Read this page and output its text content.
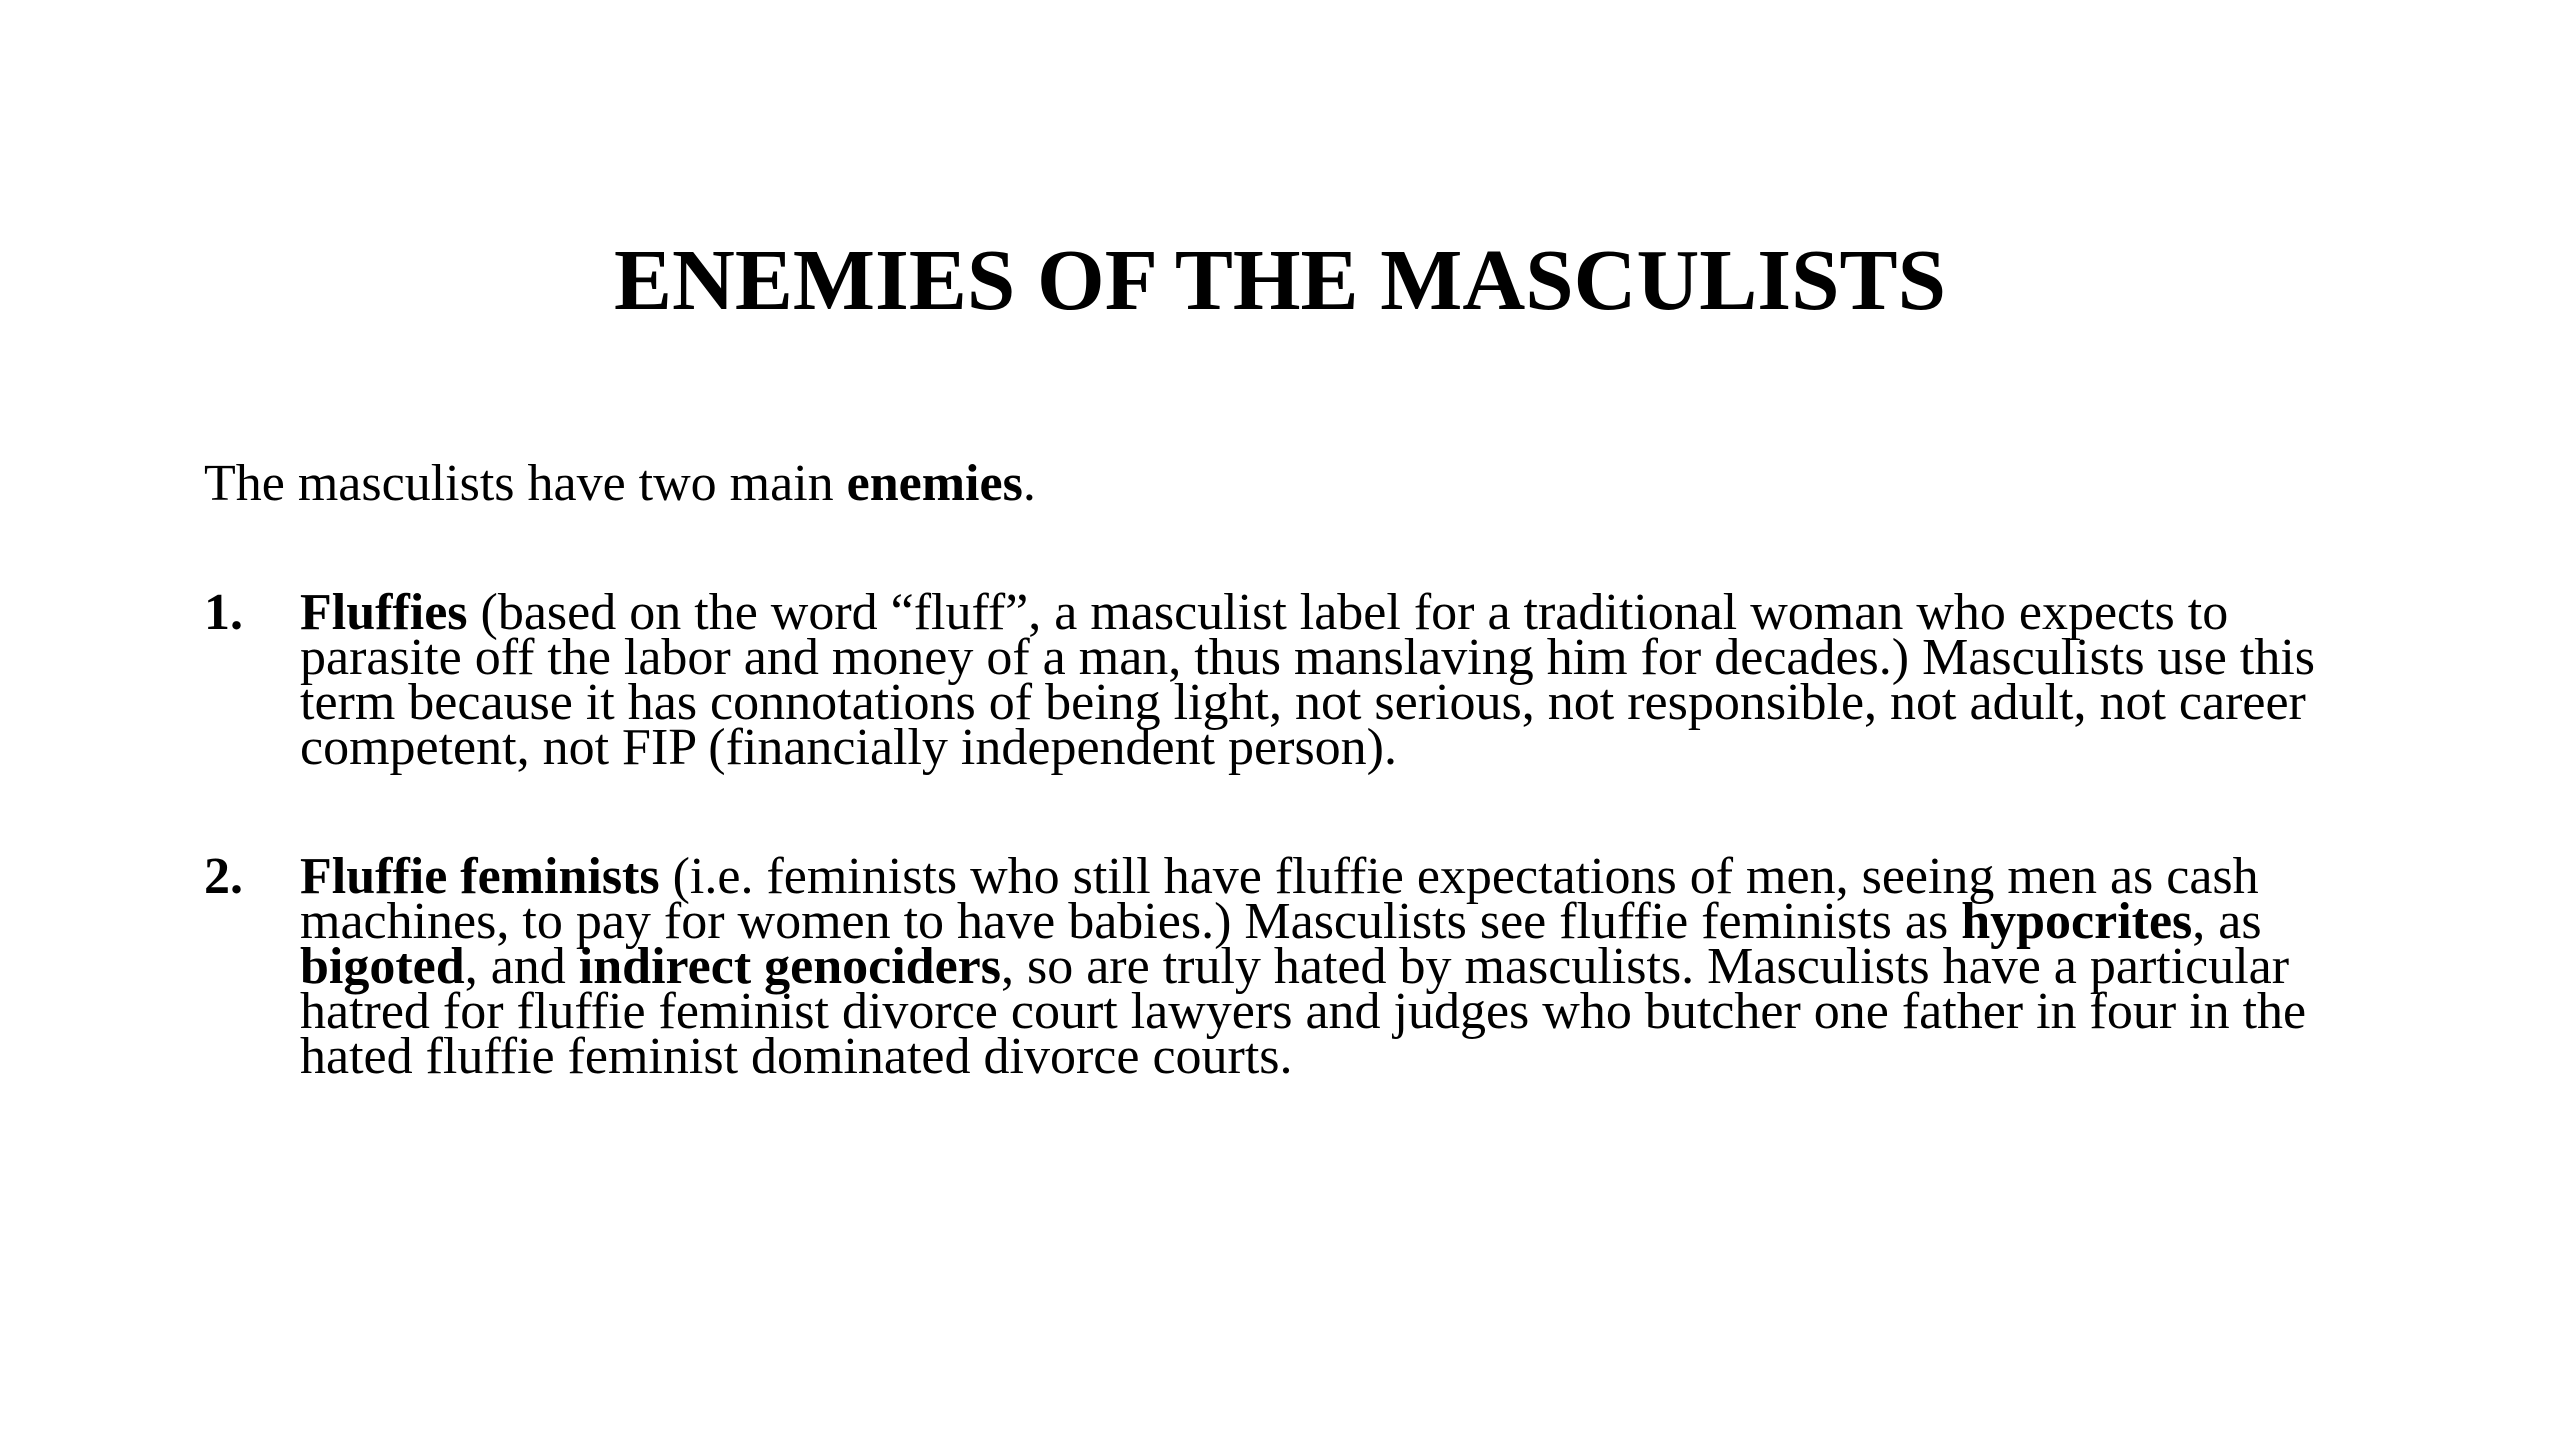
ENEMIES OF THE MASCULISTS

The masculists have two main enemies.

1. Fluffies (based on the word “fluff”, a masculist label for a traditional woman who expects to parasite off the labor and money of a man, thus manslaving him for decades.) Masculists use this term because it has connotations of being light, not serious, not responsible, not adult, not career competent, not FIP (financially independent person).
2. Fluffie feminists (i.e. feminists who still have fluffie expectations of men, seeing men as cash machines, to pay for women to have babies.) Masculists see fluffie feminists as hypocrites, as bigoted, and indirect genociders, so are truly hated by masculists. Masculists have a particular hatred for fluffie feminist divorce court lawyers and judges who butcher one father in four in the hated fluffie feminist dominated divorce courts.
